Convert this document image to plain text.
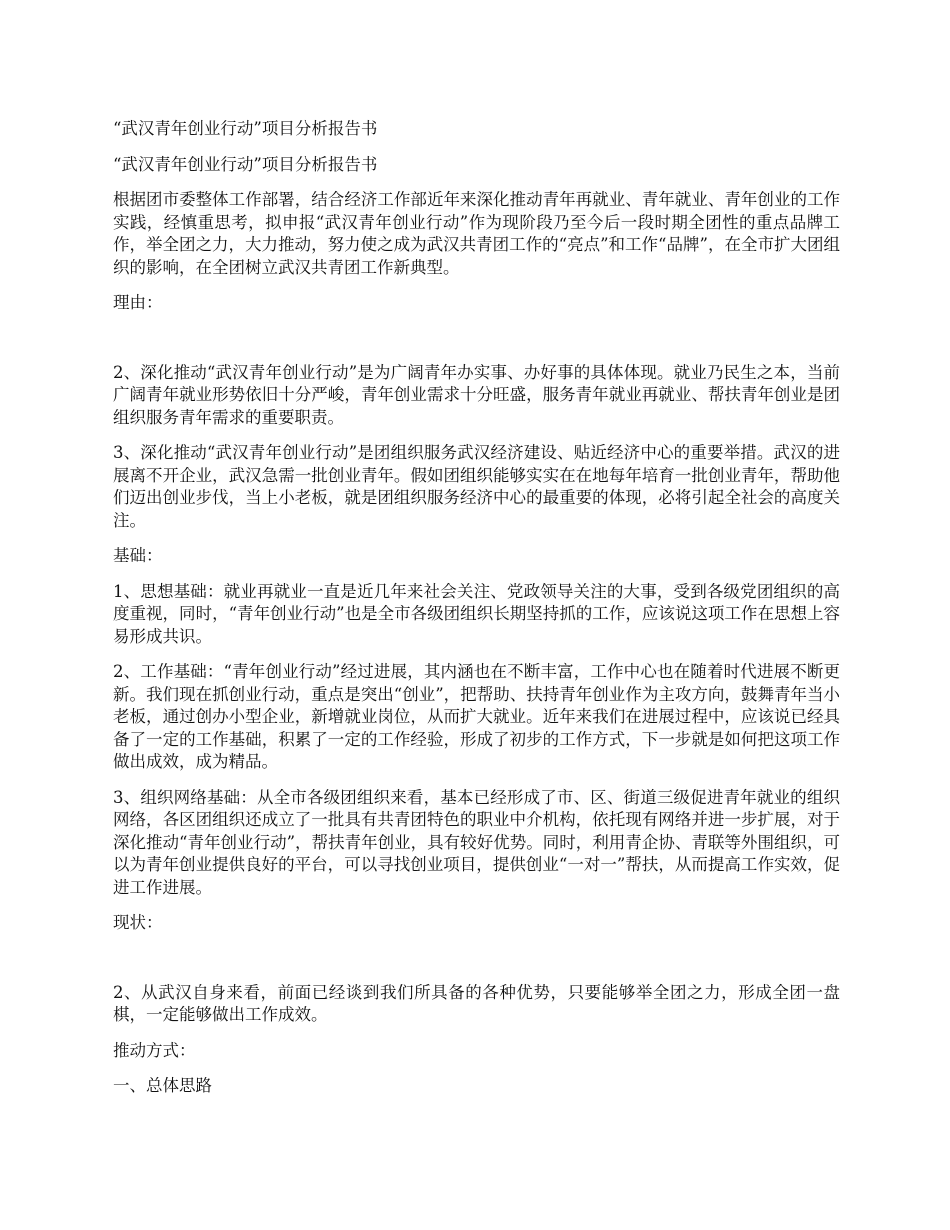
“武汉青年创业行动”项目分析报告书

“武汉青年创业行动”项目分析报告书

根据团市委整体工作部署，结合经济工作部近年来深化推动青年再就业、青年就业、青年创业的工作实践，经慎重思考，拟申报“武汉青年创业行动”作为现阶段乃至今后一段时期全团性的重点品牌工作，举全团之力，大力推动，努力使之成为武汉共青团工作的“亮点”和工作“品牌”，在全市扩大团组织的影响，在全团树立武汉共青团工作新典型。

理由：

2、深化推动“武汉青年创业行动”是为广阔青年办实事、办好事的具体体现。就业乃民生之本，当前广阔青年就业形势依旧十分严峻，青年创业需求十分旺盛，服务青年就业再就业、帮扶青年创业是团组织服务青年需求的重要职责。

3、深化推动“武汉青年创业行动”是团组织服务武汉经济建设、贴近经济中心的重要举措。武汉的进展离不开企业，武汉急需一批创业青年。假如团组织能够实实在在地每年培育一批创业青年，帮助他们迈出创业步伐，当上小老板，就是团组织服务经济中心的最重要的体现，必将引起全社会的高度关注。

基础：

1、思想基础：就业再就业一直是近几年来社会关注、党政领导关注的大事，受到各级党团组织的高度重视，同时，“青年创业行动”也是全市各级团组织长期坚持抓的工作，应该说这项工作在思想上容易形成共识。

2、工作基础：“青年创业行动”经过进展，其内涵也在不断丰富，工作中心也在随着时代进展不断更新。我们现在抓创业行动，重点是突出“创业”，把帮助、扶持青年创业作为主攻方向，鼓舞青年当小老板，通过创办小型企业，新增就业岗位，从而扩大就业。近年来我们在进展过程中，应该说已经具备了一定的工作基础，积累了一定的工作经验，形成了初步的工作方式，下一步就是如何把这项工作做出成效，成为精品。

3、组织网络基础：从全市各级团组织来看，基本已经形成了市、区、街道三级促进青年就业的组织网络，各区团组织还成立了一批具有共青团特色的职业中介机构，依托现有网络并进一步扩展，对于深化推动“青年创业行动”，帮扶青年创业，具有较好优势。同时，利用青企协、青联等外围组织，可以为青年创业提供良好的平台，可以寻找创业项目，提供创业“一对一”帮扶，从而提高工作实效，促进工作进展。

现状：

2、从武汉自身来看，前面已经谈到我们所具备的各种优势，只要能够举全团之力，形成全团一盘棋，一定能够做出工作成效。

推动方式：

一、总体思路
